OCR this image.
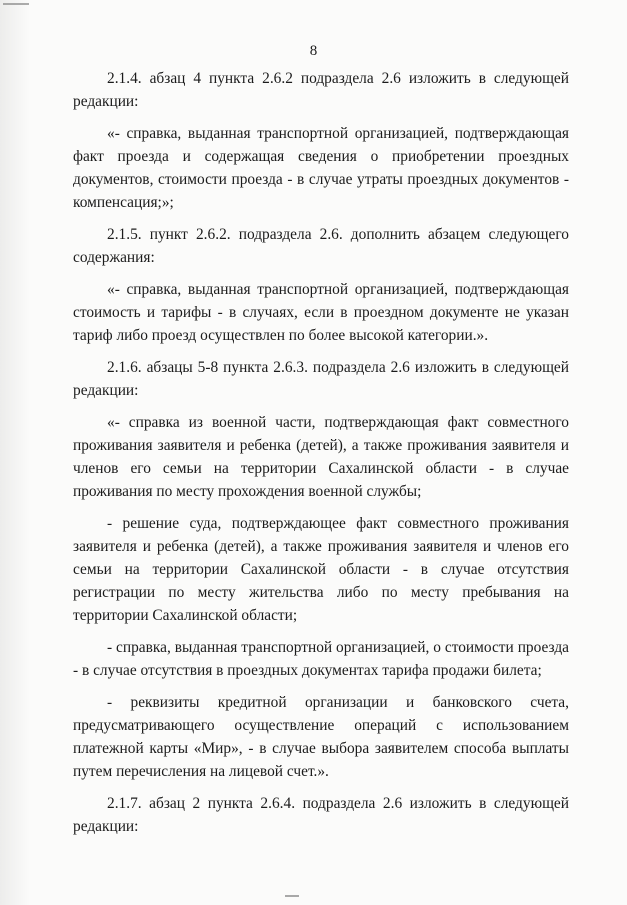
8

2.1.4. абзац 4 пункта 2.6.2 подраздела 2.6 изложить в следующей редакции:

«- справка, выданная транспортной организацией, подтверждающая факт проезда и содержащая сведения о приобретении проездных документов, стоимости проезда - в случае утраты проездных документов - компенсация;»;

2.1.5. пункт 2.6.2. подраздела 2.6. дополнить абзацем следующего содержания:

«- справка, выданная транспортной организацией, подтверждающая стоимость и тарифы - в случаях, если в проездном документе не указан тариф либо проезд осуществлен по более высокой категории.».

2.1.6. абзацы 5-8 пункта 2.6.3. подраздела 2.6 изложить в следующей редакции:

«- справка из военной части, подтверждающая факт совместного проживания заявителя и ребенка (детей), а также проживания заявителя и членов его семьи на территории Сахалинской области - в случае проживания по месту прохождения военной службы;

- решение суда, подтверждающее факт совместного проживания заявителя и ребенка (детей), а также проживания заявителя и членов его семьи на территории Сахалинской области - в случае отсутствия регистрации по месту жительства либо по месту пребывания на территории Сахалинской области;

- справка, выданная транспортной организацией, о стоимости проезда - в случае отсутствия в проездных документах тарифа продажи билета;

- реквизиты кредитной организации и банковского счета, предусматривающего осуществление операций с использованием платежной карты «Мир», - в случае выбора заявителем способа выплаты путем перечисления на лицевой счет.».

2.1.7. абзац 2 пункта 2.6.4. подраздела 2.6 изложить в следующей редакции:
